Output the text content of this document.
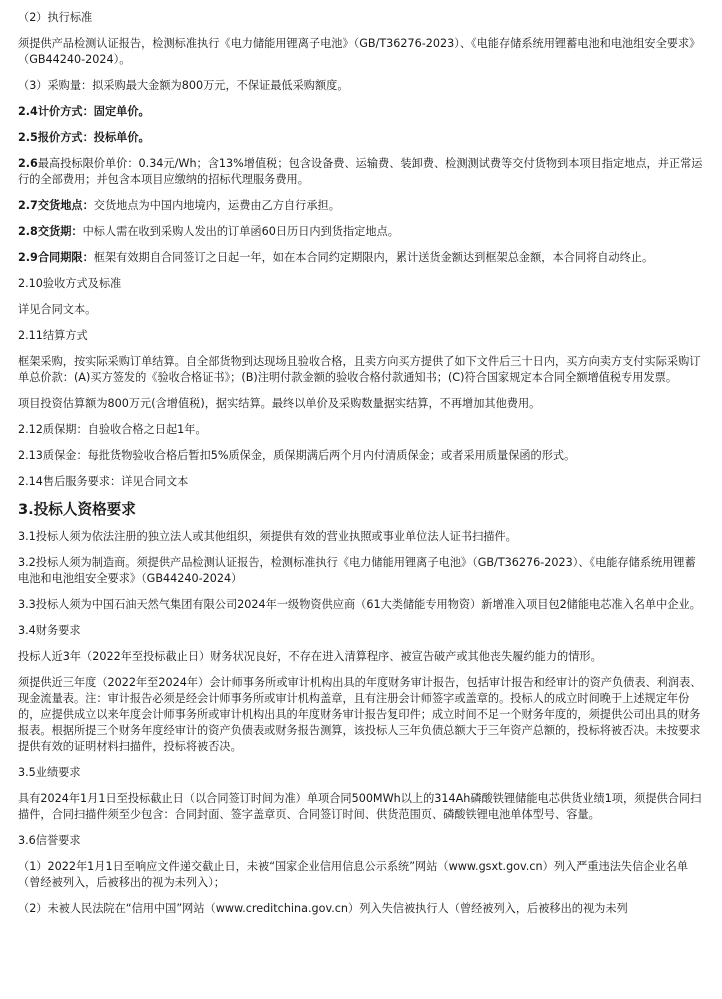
（2）执行标准

须提供产品检测认证报告，检测标准执行《电力储能用锂离子电池》（GB/T36276-2023）、《电能存储系统用锂蓄电池和电池组安全要求》（GB44240-2024）。

（3）采购量：拟采购最大金额为800万元，不保证最低采购额度。

2.4计价方式：固定单价。

2.5报价方式：投标单价。

2.6最高投标限价单价：0.34元/Wh；含13%增值税；包含设备费、运输费、装卸费、检测测试费等交付货物到本项目指定地点，并正常运行的全部费用；并包含本项目应缴纳的招标代理服务费用。

2.7交货地点：交货地点为中国内地境内，运费由乙方自行承担。

2.8交货期：中标人需在收到采购人发出的订单函60日历日内到货指定地点。

2.9合同期限：框架有效期自合同签订之日起一年，如在本合同约定期限内，累计送货金额达到框架总金额，本合同将自动终止。

2.10验收方式及标准

详见合同文本。

2.11结算方式

框架采购，按实际采购订单结算。自全部货物到达现场且验收合格，且卖方向买方提供了如下文件后三十日内，买方向卖方支付实际采购订单总价款：(A)买方签发的《验收合格证书》；(B)注明付款金额的验收合格付款通知书；(C)符合国家规定本合同全额增值税专用发票。

项目投资估算额为800万元(含增值税)，据实结算。最终以单价及采购数量据实结算，不再增加其他费用。

2.12质保期：自验收合格之日起1年。

2.13质保金：每批货物验收合格后暂扣5%质保金，质保期满后两个月内付清质保金；或者采用质量保函的形式。

2.14售后服务要求：详见合同文本

3.投标人资格要求

3.1投标人须为依法注册的独立法人或其他组织，须提供有效的营业执照或事业单位法人证书扫描件。

3.2投标人须为制造商。须提供产品检测认证报告，检测标准执行《电力储能用锂离子电池》（GB/T36276-2023）、《电能存储系统用锂蓄电池和电池组安全要求》（GB44240-2024）

3.3投标人须为中国石油天然气集团有限公司2024年一级物资供应商（61大类储能专用物资）新增准入项目包2储能电芯准入名单中企业。

3.4财务要求

投标人近3年（2022年至投标截止日）财务状况良好，不存在进入清算程序、被宣告破产或其他丧失履约能力的情形。

须提供近三年度（2022年至2024年）会计师事务所或审计机构出具的年度财务审计报告，包括审计报告和经审计的资产负债表、利润表、现金流量表。注：审计报告必须是经会计师事务所或审计机构盖章，且有注册会计师签字或盖章的。投标人的成立时间晚于上述规定年份的，应提供成立以来年度会计师事务所或审计机构出具的年度财务审计报告复印件；成立时间不足一个财务年度的，须提供公司出具的财务报表。根据所提三个财务年度经审计的资产负债表或财务报告测算，该投标人三年负债总额大于三年资产总额的，投标将被否决。未按要求提供有效的证明材料扫描件，投标将被否决。

3.5业绩要求

具有2024年1月1日至投标截止日（以合同签订时间为准）单项合同500MWh以上的314Ah磷酸铁锂储能电芯供货业绩1项，须提供合同扫描件，合同扫描件须至少包含：合同封面、签字盖章页、合同签订时间、供货范围页、磷酸铁锂电池单体型号、容量。

3.6信誉要求

（1）2022年1月1日至响应文件递交截止日，未被“国家企业信用信息公示系统”网站（www.gsxt.gov.cn）列入严重违法失信企业名单（曾经被列入，后被移出的视为未列入）；

（2）未被人民法院在“信用中国”网站（www.creditchina.gov.cn）列入失信被执行人（曾经被列入，后被移出的视为未列
